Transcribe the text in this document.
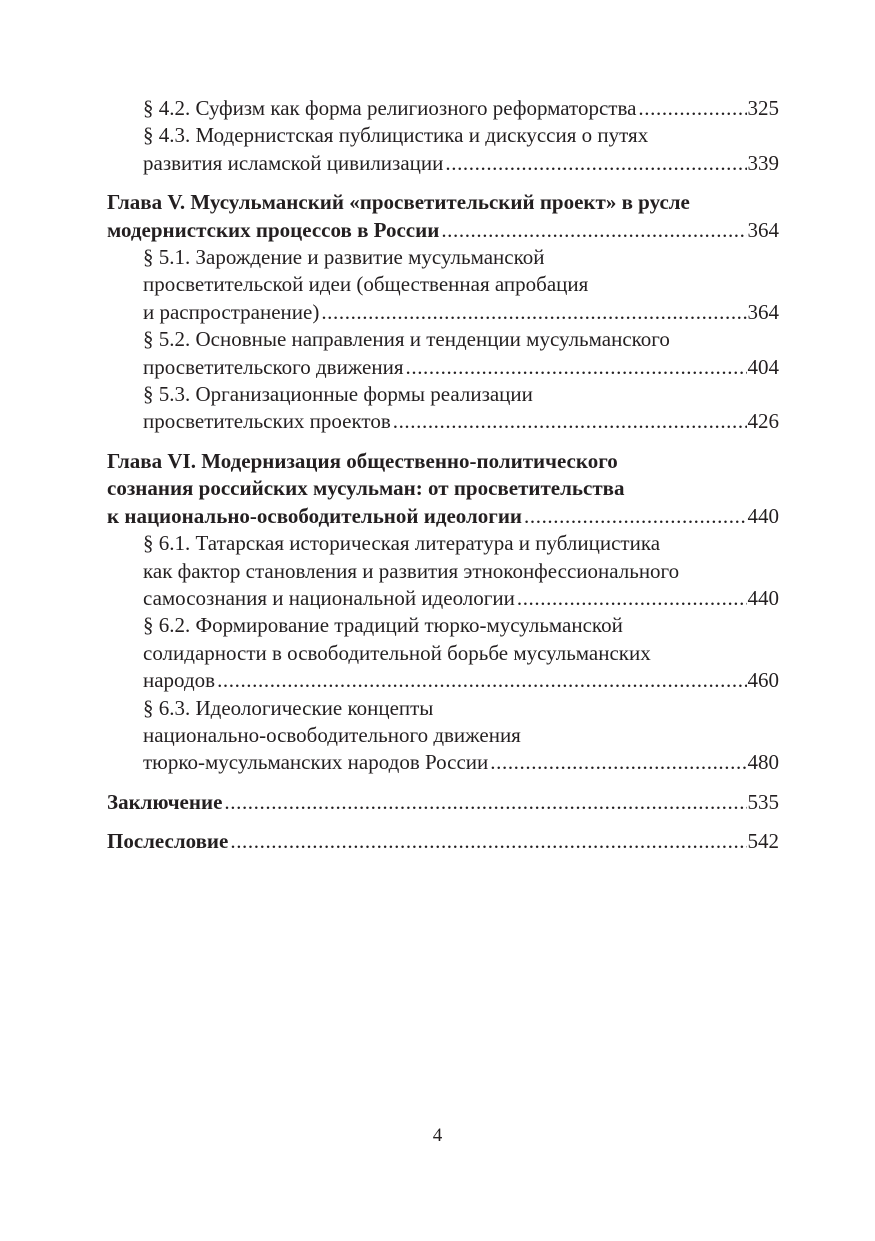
§ 4.2. Суфизм как форма религиозного реформаторства .....	325
§ 4.3. Модернистская публицистика и дискуссия о путях
развития исламской цивилизации .....	339
Глава V. Мусульманский «просветительский проект» в русле
модернистских процессов в России .....	364
§ 5.1. Зарождение и развитие мусульманской
просветительской идеи (общественная апробация
и распространение) .....	364
§ 5.2. Основные направления и тенденции мусульманского
просветительского движения .....	404
§ 5.3. Организационные формы реализации
просветительских проектов .....	426
Глава VI. Модернизация общественно-политического
сознания российских мусульман: от просветительства
к национально-освободительной идеологии .....	440
§ 6.1. Татарская историческая литература и публицистика
как фактор становления и развития этноконфессионального
самосознания и национальной идеологии .....	440
§ 6.2. Формирование традиций тюрко-мусульманской
солидарности в освободительной борьбе мусульманских
народов .....	460
§ 6.3. Идеологические концепты
национально-освободительного движения
тюрко-мусульманских народов России .....	480
Заключение .....	535
Послесловие .....	542
4
